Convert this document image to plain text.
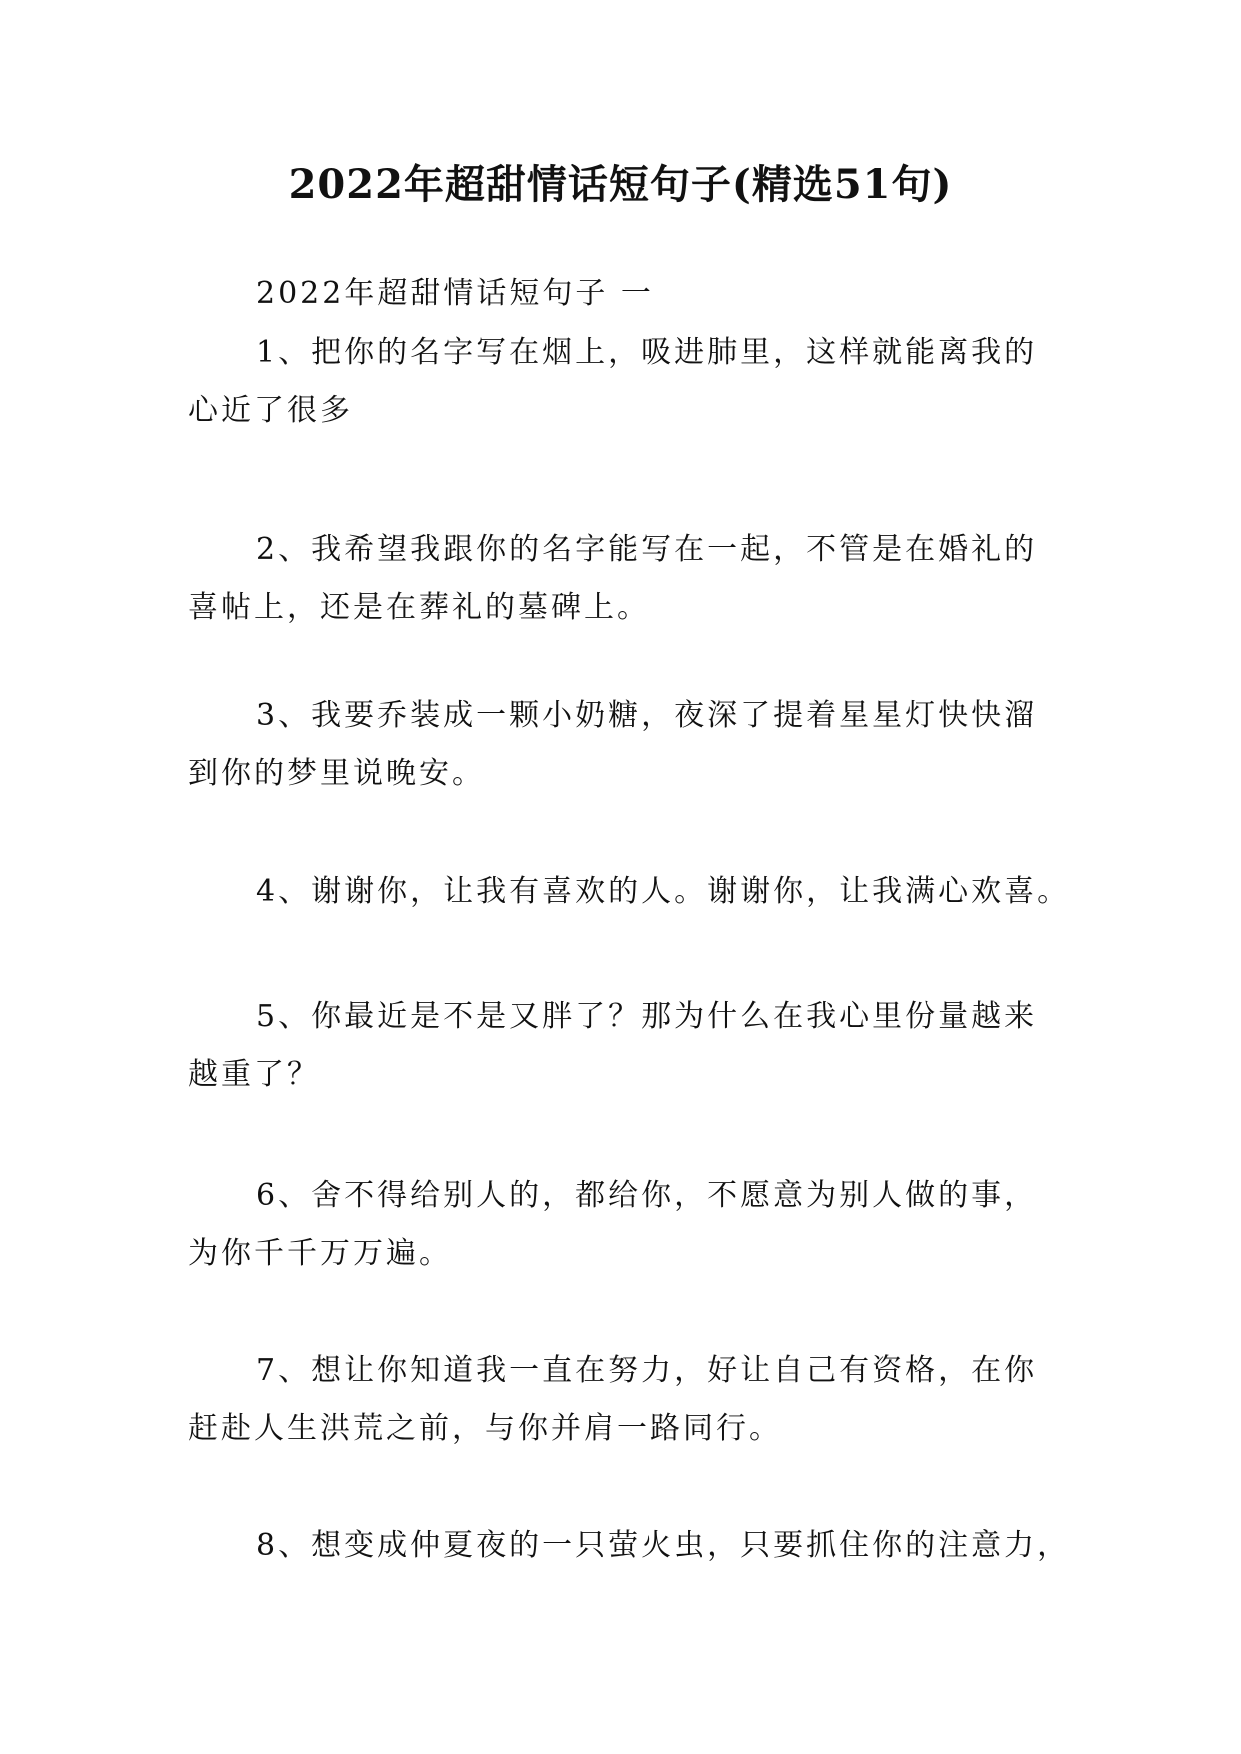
2022年超甜情话短句子(精选51句)
2022年超甜情话短句子 一
1、把你的名字写在烟上，吸进肺里，这样就能离我的
心近了很多
2、我希望我跟你的名字能写在一起，不管是在婚礼的
喜帖上，还是在葬礼的墓碑上。
3、我要乔装成一颗小奶糖，夜深了提着星星灯快快溜
到你的梦里说晚安。
4、谢谢你，让我有喜欢的人。谢谢你，让我满心欢喜。
5、你最近是不是又胖了？那为什么在我心里份量越来
越重了？
6、舍不得给别人的，都给你，不愿意为别人做的事，
为你千千万万遍。
7、想让你知道我一直在努力，好让自己有资格，在你
赶赴人生洪荒之前，与你并肩一路同行。
8、想变成仲夏夜的一只萤火虫，只要抓住你的注意力，
